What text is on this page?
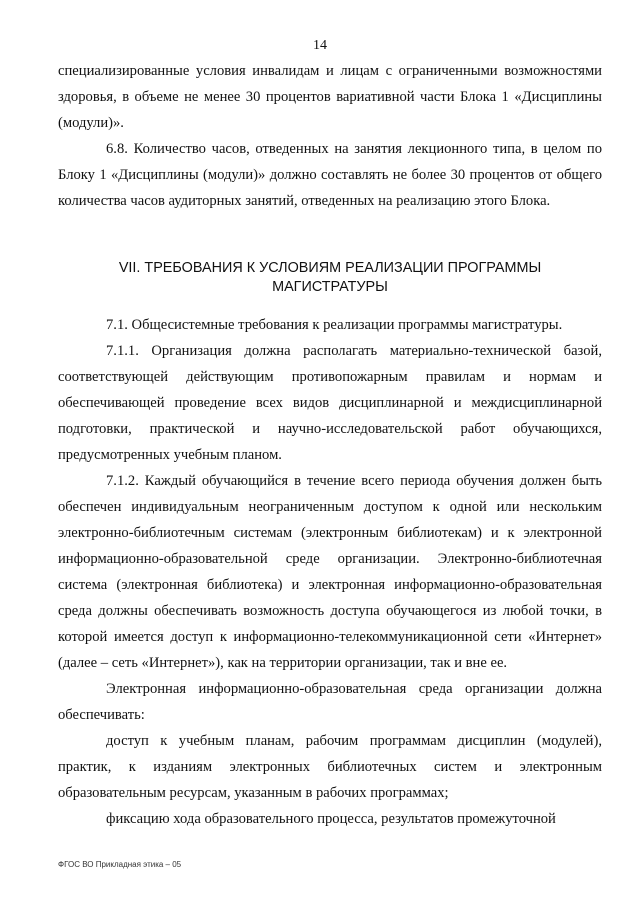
14

специализированные условия инвалидам и лицам с ограниченными возможностями здоровья, в объеме не менее 30 процентов вариативной части Блока 1 «Дисциплины (модули)».

6.8. Количество часов, отведенных на занятия лекционного типа, в целом по Блоку 1 «Дисциплины (модули)» должно составлять не более 30 процентов от общего количества часов аудиторных занятий, отведенных на реализацию этого Блока.

VII. ТРЕБОВАНИЯ К УСЛОВИЯМ РЕАЛИЗАЦИИ ПРОГРАММЫ
МАГИСТРАТУРЫ

7.1. Общесистемные требования к реализации программы магистратуры.

7.1.1. Организация должна располагать материально-технической базой, соответствующей действующим противопожарным правилам и нормам и обеспечивающей проведение всех видов дисциплинарной и междисциплинарной подготовки, практической и научно-исследовательской работ обучающихся, предусмотренных учебным планом.

7.1.2. Каждый обучающийся в течение всего периода обучения должен быть обеспечен индивидуальным неограниченным доступом к одной или нескольким электронно-библиотечным системам (электронным библиотекам) и к электронной информационно-образовательной среде организации. Электронно-библиотечная система (электронная библиотека) и электронная информационно-образовательная среда должны обеспечивать возможность доступа обучающегося из любой точки, в которой имеется доступ к информационно-телекоммуникационной сети «Интернет» (далее – сеть «Интернет»), как на территории организации, так и вне ее.

Электронная информационно-образовательная среда организации должна обеспечивать:

доступ к учебным планам, рабочим программам дисциплин (модулей), практик, к изданиям электронных библиотечных систем и электронным образовательным ресурсам, указанным в рабочих программах;

фиксацию хода образовательного процесса, результатов промежуточной

ФГОС ВО Прикладная этика – 05
